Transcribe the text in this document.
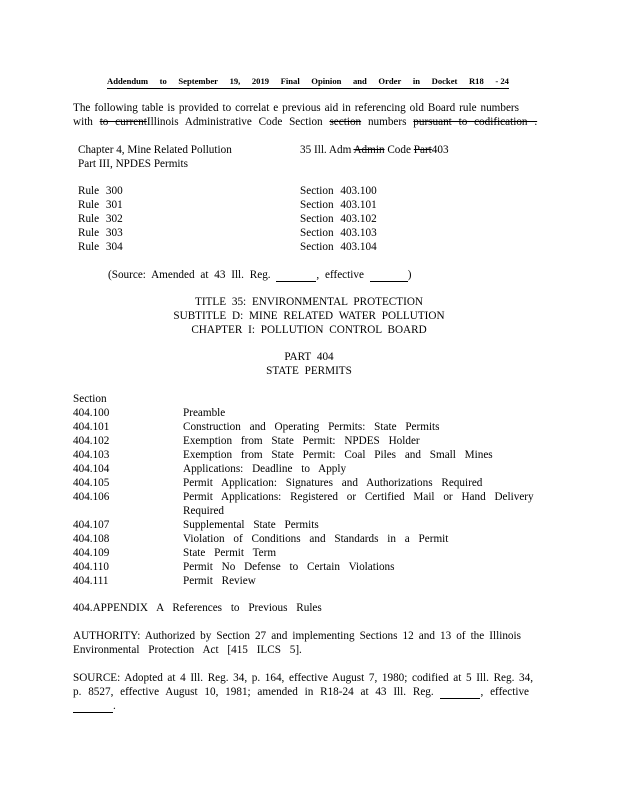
Addendum to September 19, 2019 Final Opinion and Order in Docket R18 - 24
The following table is provided to correlat e previous aid in referencing old Board rule numbers
with to currentIllinois Administrative Code Section section numbers pursuant to codification .
Chapter 4, Mine Related Pollution
Part III, NPDES Permits
35 Ill. Adm Admin Code Part403
Rule 300	Section 403.100
Rule 301	Section 403.101
Rule 302	Section 403.102
Rule 303	Section 403.103
Rule 304	Section 403.104
(Source: Amended at 43 Ill. Reg.	, effective	)
TITLE 35: ENVIRONMENTAL PROTECTION
SUBTITLE D: MINE RELATED WATER POLLUTION
CHAPTER I: POLLUTION CONTROL BOARD
PART 404
STATE PERMITS
Section
404.100	Preamble
404.101	Construction and Operating Permits: State Permits
404.102	Exemption from State Permit: NPDES Holder
404.103	Exemption from State Permit: Coal Piles and Small Mines
404.104	Applications: Deadline to Apply
404.105	Permit Application: Signatures and Authorizations Required
404.106	Permit Applications: Registered or Certified Mail or Hand Delivery
Required
404.107	Supplemental State Permits
404.108	Violation of Conditions and Standards in a Permit
404.109	State Permit Term
404.110	Permit No Defense to Certain Violations
404.111	Permit Review
404.APPENDIX A References to Previous Rules
AUTHORITY: Authorized by Section 27 and implementing Sections 12 and 13 of the Illinois
Environmental Protection Act [415 ILCS 5].
SOURCE: Adopted at 4 Ill. Reg. 34, p. 164, effective August 7, 1980; codified at 5 Ill. Reg. 34,
p. 8527, effective August 10, 1981; amended in R18-24 at 43 Ill. Reg.	, effective
.
